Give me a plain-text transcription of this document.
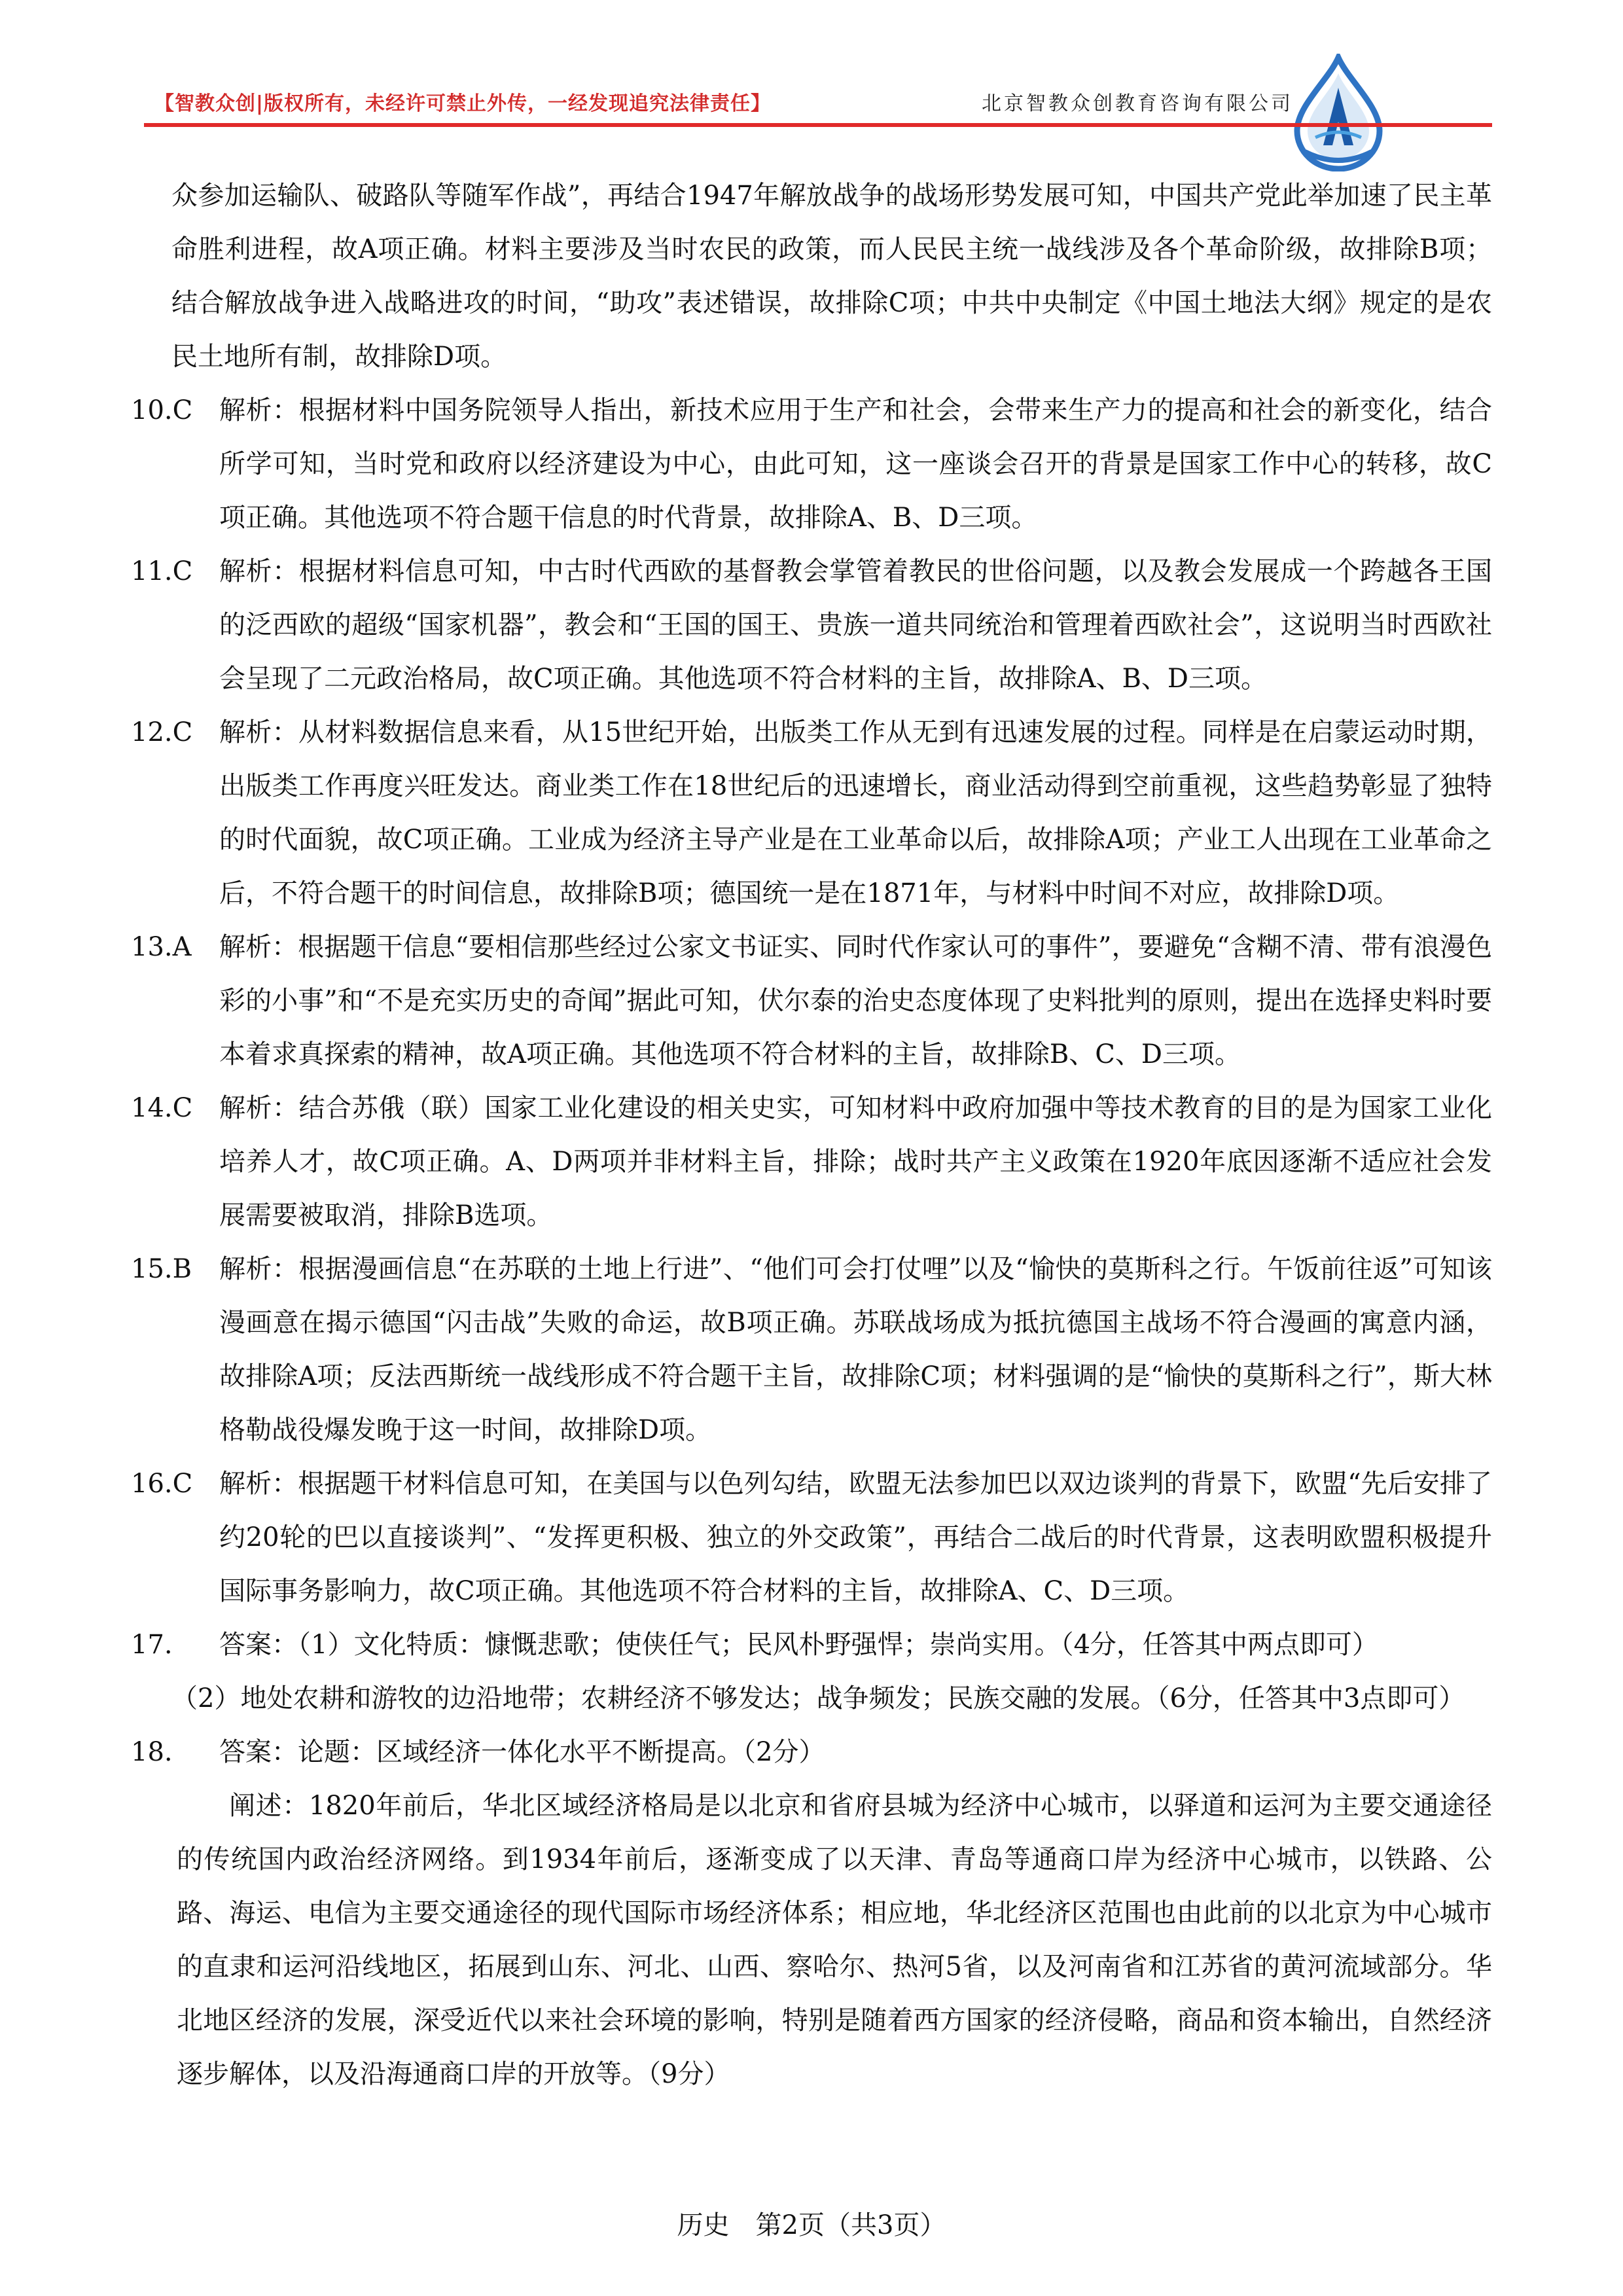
【智教众创|版权所有，未经许可禁止外传，一经发现追究法律责任】	北京智教众创教育咨询有限公司

众参加运输队、破路队等随军作战”，再结合1947年解放战争的战场形势发展可知，中国共产党此举加速了民主革命胜利进程，故A项正确。材料主要涉及当时农民的政策，而人民民主统一战线涉及各个革命阶级，故排除B项；结合解放战争进入战略进攻的时间，“助攻”表述错误，故排除C项；中共中央制定《中国土地法大纲》规定的是农民土地所有制，故排除D项。

10.C	解析：根据材料中国务院领导人指出，新技术应用于生产和社会，会带来生产力的提高和社会的新变化，结合所学可知，当时党和政府以经济建设为中心，由此可知，这一座谈会召开的背景是国家工作中心的转移，故C项正确。其他选项不符合题干信息的时代背景，故排除A、B、D三项。
11.C	解析：根据材料信息可知，中古时代西欧的基督教会掌管着教民的世俗问题，以及教会发展成一个跨越各王国的泛西欧的超级“国家机器”，教会和“王国的国王、贵族一道共同统治和管理着西欧社会”，这说明当时西欧社会呈现了二元政治格局，故C项正确。其他选项不符合材料的主旨，故排除A、B、D三项。
12.C	解析：从材料数据信息来看，从15世纪开始，出版类工作从无到有迅速发展的过程。同样是在启蒙运动时期，出版类工作再度兴旺发达。商业类工作在18世纪后的迅速增长，商业活动得到空前重视，这些趋势彰显了独特的时代面貌，故C项正确。工业成为经济主导产业是在工业革命以后，故排除A项；产业工人出现在工业革命之后，不符合题干的时间信息，故排除B项；德国统一是在1871年，与材料中时间不对应，故排除D项。
13.A	解析：根据题干信息“要相信那些经过公家文书证实、同时代作家认可的事件”，要避免“含糊不清、带有浪漫色彩的小事”和“不是充实历史的奇闻”据此可知，伏尔泰的治史态度体现了史料批判的原则，提出在选择史料时要本着求真探索的精神，故A项正确。其他选项不符合材料的主旨，故排除B、C、D三项。
14.C	解析：结合苏俄（联）国家工业化建设的相关史实，可知材料中政府加强中等技术教育的目的是为国家工业化培养人才，故C项正确。A、D两项并非材料主旨，排除；战时共产主义政策在1920年底因逐渐不适应社会发展需要被取消，排除B选项。
15.B	解析：根据漫画信息“在苏联的土地上行进”、“他们可会打仗哩”以及“愉快的莫斯科之行。午饭前往返”可知该漫画意在揭示德国“闪击战”失败的命运，故B项正确。苏联战场成为抵抗德国主战场不符合漫画的寓意内涵，故排除A项；反法西斯统一战线形成不符合题干主旨，故排除C项；材料强调的是“愉快的莫斯科之行”，斯大林格勒战役爆发晚于这一时间，故排除D项。
16.C	解析：根据题干材料信息可知，在美国与以色列勾结，欧盟无法参加巴以双边谈判的背景下，欧盟“先后安排了约20轮的巴以直接谈判”、“发挥更积极、独立的外交政策”，再结合二战后的时代背景，这表明欧盟积极提升国际事务影响力，故C项正确。其他选项不符合材料的主旨，故排除A、C、D三项。
17.	答案：（1）文化特质：慷慨悲歌；使侠任气；民风朴野强悍；崇尚实用。（4分，任答其中两点即可）

（2）地处农耕和游牧的边沿地带；农耕经济不够发达；战争频发；民族交融的发展。（6分，任答其中3点即可）

18.	答案：论题：区域经济一体化水平不断提高。（2分）

阐述：1820年前后，华北区域经济格局是以北京和省府县城为经济中心城市，以驿道和运河为主要交通途径的传统国内政治经济网络。到1934年前后，逐渐变成了以天津、青岛等通商口岸为经济中心城市，以铁路、公路、海运、电信为主要交通途径的现代国际市场经济体系；相应地，华北经济区范围也由此前的以北京为中心城市的直隶和运河沿线地区，拓展到山东、河北、山西、察哈尔、热河5省，以及河南省和江苏省的黄河流域部分。华北地区经济的发展，深受近代以来社会环境的影响，特别是随着西方国家的经济侵略，商品和资本输出，自然经济逐步解体，以及沿海通商口岸的开放等。（9分）

历史　第2页（共3页）
